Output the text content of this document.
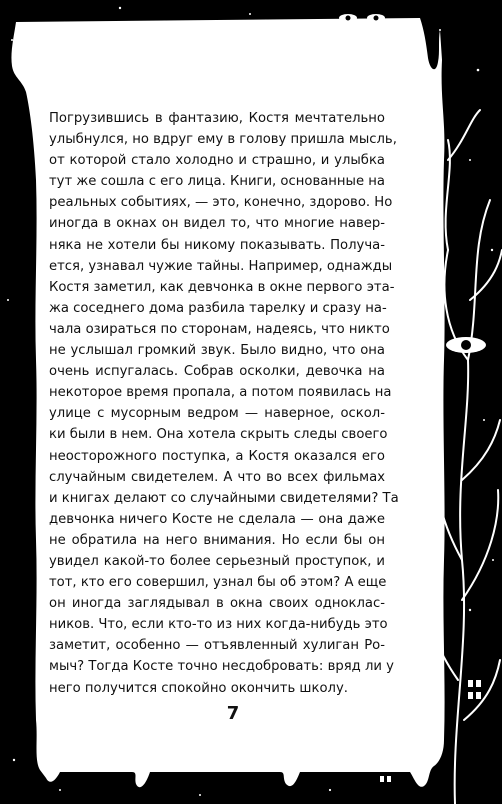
Погрузившись в фантазию, Костя мечтательно
улыбнулся, но вдруг ему в голову пришла мысль,
от которой стало холодно и страшно, и улыбка
тут же сошла с его лица. Книги, основанные на
реальных событиях, — это, конечно, здорово. Но
иногда в окнах он видел то, что многие навер-
няка не хотели бы никому показывать. Получа-
ется, узнавал чужие тайны. Например, однажды
Костя заметил, как девчонка в окне первого эта-
жа соседнего дома разбила тарелку и сразу на-
чала озираться по сторонам, надеясь, что никто
не услышал громкий звук. Было видно, что она
очень испугалась. Собрав осколки, девочка на
некоторое время пропала, а потом появилась на
улице с мусорным ведром — наверное, оскол-
ки были в нем. Она хотела скрыть следы своего
неосторожного поступка, а Костя оказался его
случайным свидетелем. А что во всех фильмах
и книгах делают со случайными свидетелями? Та
девчонка ничего Косте не сделала — она даже
не обратила на него внимания. Но если бы он
увидел какой-то более серьезный проступок, и
тот, кто его совершил, узнал бы об этом? А еще
он иногда заглядывал в окна своих одноклас-
ников. Что, если кто-то из них когда-нибудь это
заметит, особенно — отъявленный хулиган Ро-
мыч? Тогда Косте точно несдобровать: вряд ли у
него получится спокойно окончить школу.
7
